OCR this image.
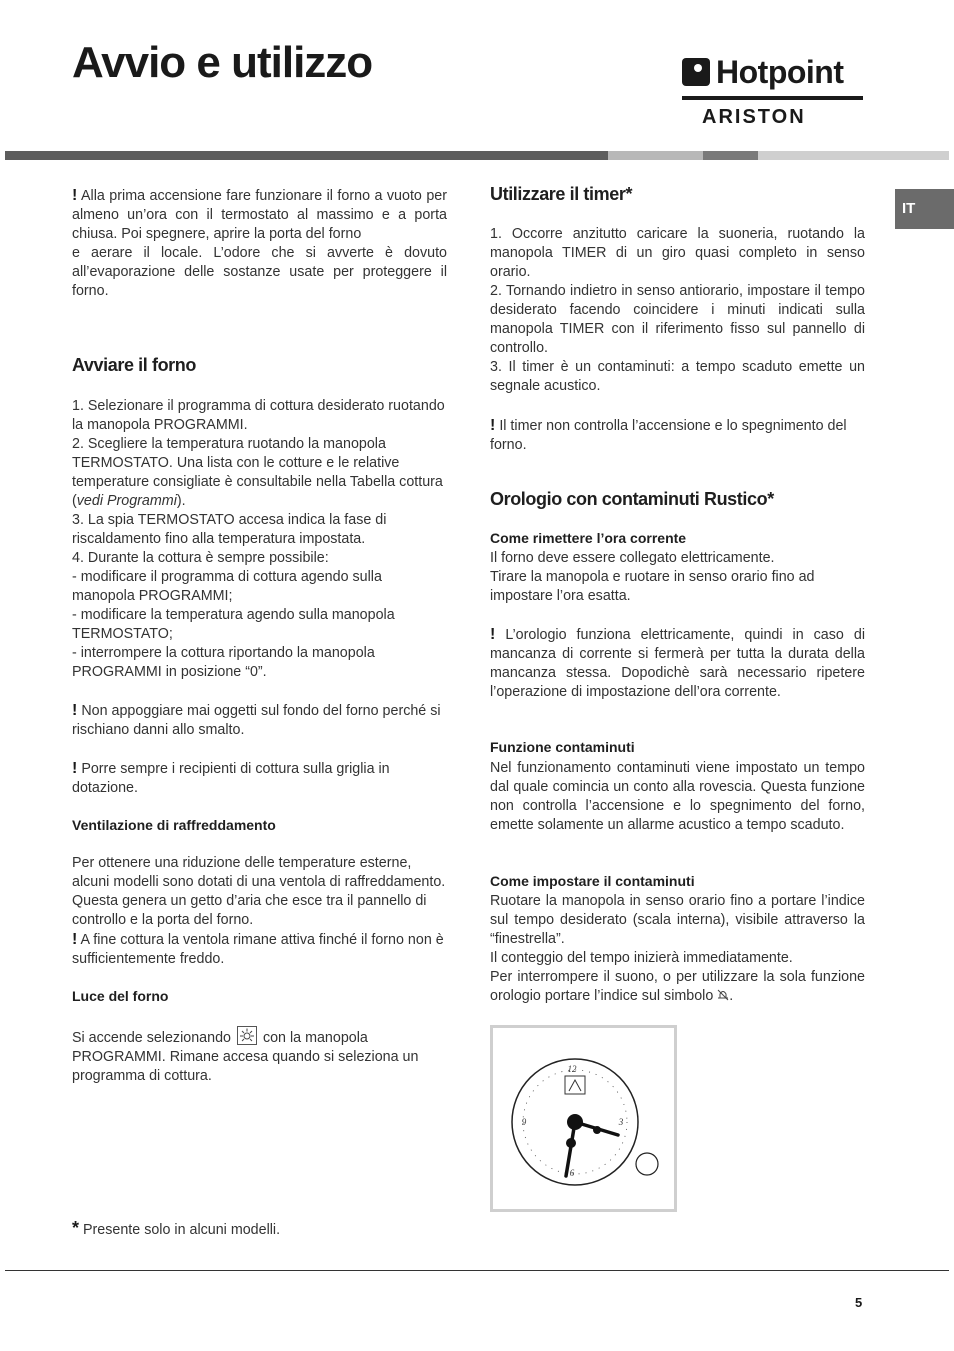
Avvio e utilizzo	Hotpoint
ARISTON
IT

! Alla prima accensione fare funzionare il forno a vuoto per almeno un’ora con il termostato al massimo e a porta chiusa. Poi spegnere, aprire la porta del forno
e aerare il locale. L’odore che si avverte è dovuto all’evaporazione delle sostanze usate per proteggere il forno.

Avviare il forno

1. Selezionare il programma di cottura desiderato ruotando la manopola PROGRAMMI.
2. Scegliere la temperatura ruotando la manopola TERMOSTATO. Una lista con le cotture e le relative temperature consigliate è consultabile nella Tabella cottura (vedi Programmi).
3. La spia TERMOSTATO accesa indica la fase di riscaldamento fino alla temperatura impostata.
4. Durante la cottura è sempre possibile:
- modificare il programma di cottura agendo sulla manopola PROGRAMMI;
- modificare la temperatura agendo sulla manopola TERMOSTATO;
- interrompere la cottura riportando la manopola PROGRAMMI in posizione “0”.

! Non appoggiare mai oggetti sul fondo del forno perché si rischiano danni allo smalto.

! Porre sempre i recipienti di cottura sulla griglia in dotazione.

Ventilazione di raffreddamento

Per ottenere una riduzione delle temperature esterne, alcuni modelli sono dotati di una ventola di raffreddamento. Questa genera un getto d’aria che esce tra il pannello di controllo e la porta del forno.
! A fine cottura la ventola rimane attiva finché il forno non è sufficientemente freddo.

Luce del forno

Si accende selezionando con la manopola PROGRAMMI. Rimane accesa quando si seleziona un programma di cottura.

Utilizzare il timer*

1. Occorre anzitutto caricare la suoneria, ruotando la manopola TIMER di un giro quasi completo in senso orario.
2. Tornando indietro in senso antiorario, impostare il tempo desiderato facendo coincidere i minuti indicati sulla manopola TIMER con il riferimento fisso sul pannello di controllo.
3. Il timer è un contaminuti: a tempo scaduto emette un segnale acustico.

! Il timer non controlla l’accensione e lo spegnimento del forno.

Orologio con contaminuti Rustico*
Come rimettere l’ora corrente

Il forno deve essere collegato elettricamente.
Tirare la manopola e ruotare in senso orario fino ad impostare l’ora esatta.

! L’orologio funziona elettricamente, quindi in caso di mancanza di corrente si fermerà per tutta la durata della mancanza stessa. Dopodichè sarà necessario ripetere l’operazione di impostazione dell’ora corrente.

Funzione contaminuti

Nel funzionamento contaminuti viene impostato un tempo dal quale comincia un conto alla rovescia. Questa funzione non controlla l’accensione e lo spegnimento del forno, emette solamente un allarme acustico a tempo scaduto.

Come impostare il contaminuti

Ruotare la manopola in senso orario fino a portare l’indice sul tempo desiderato (scala interna), visibile attraverso la “finestrella”.
Il conteggio del tempo inizierà immediatamente.
Per interrompere il suono, o per utilizzare la sola funzione orologio portare l’indice sul simbolo .

12
3
6
9
* Presente solo in alcuni modelli.
5
